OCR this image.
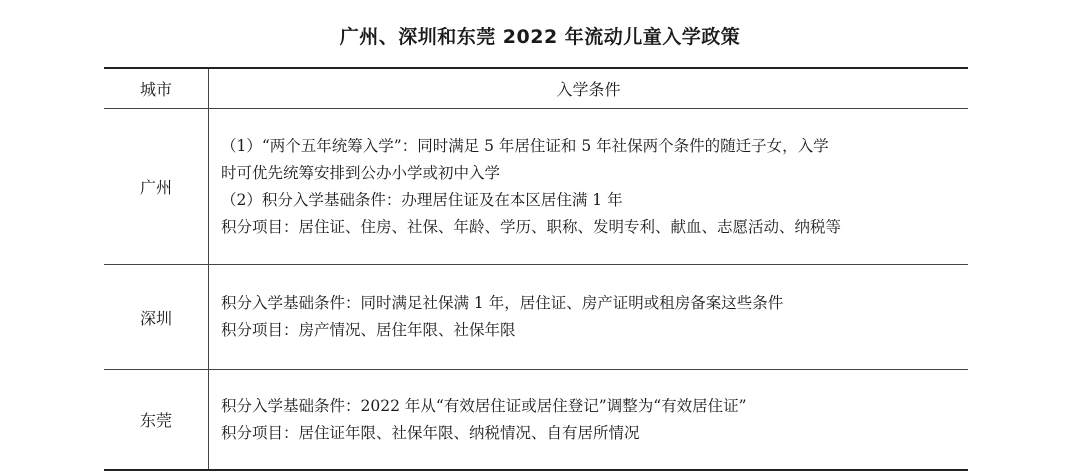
广州、深圳和东莞 2022 年流动儿童入学政策
城市	入学条件
广州	（1）“两个五年统筹入学”：同时满足 5 年居住证和 5 年社保两个条件的随迁子女，入学
时可优先统筹安排到公办小学或初中入学
（2）积分入学基础条件：办理居住证及在本区居住满 1 年
积分项目：居住证、住房、社保、年龄、学历、职称、发明专利、献血、志愿活动、纳税等

深圳	积分入学基础条件：同时满足社保满 1 年，居住证、房产证明或租房备案这些条件
积分项目：房产情况、居住年限、社保年限

东莞	积分入学基础条件：2022 年从“有效居住证或居住登记”调整为“有效居住证”
积分项目：居住证年限、社保年限、纳税情况、自有居所情况
